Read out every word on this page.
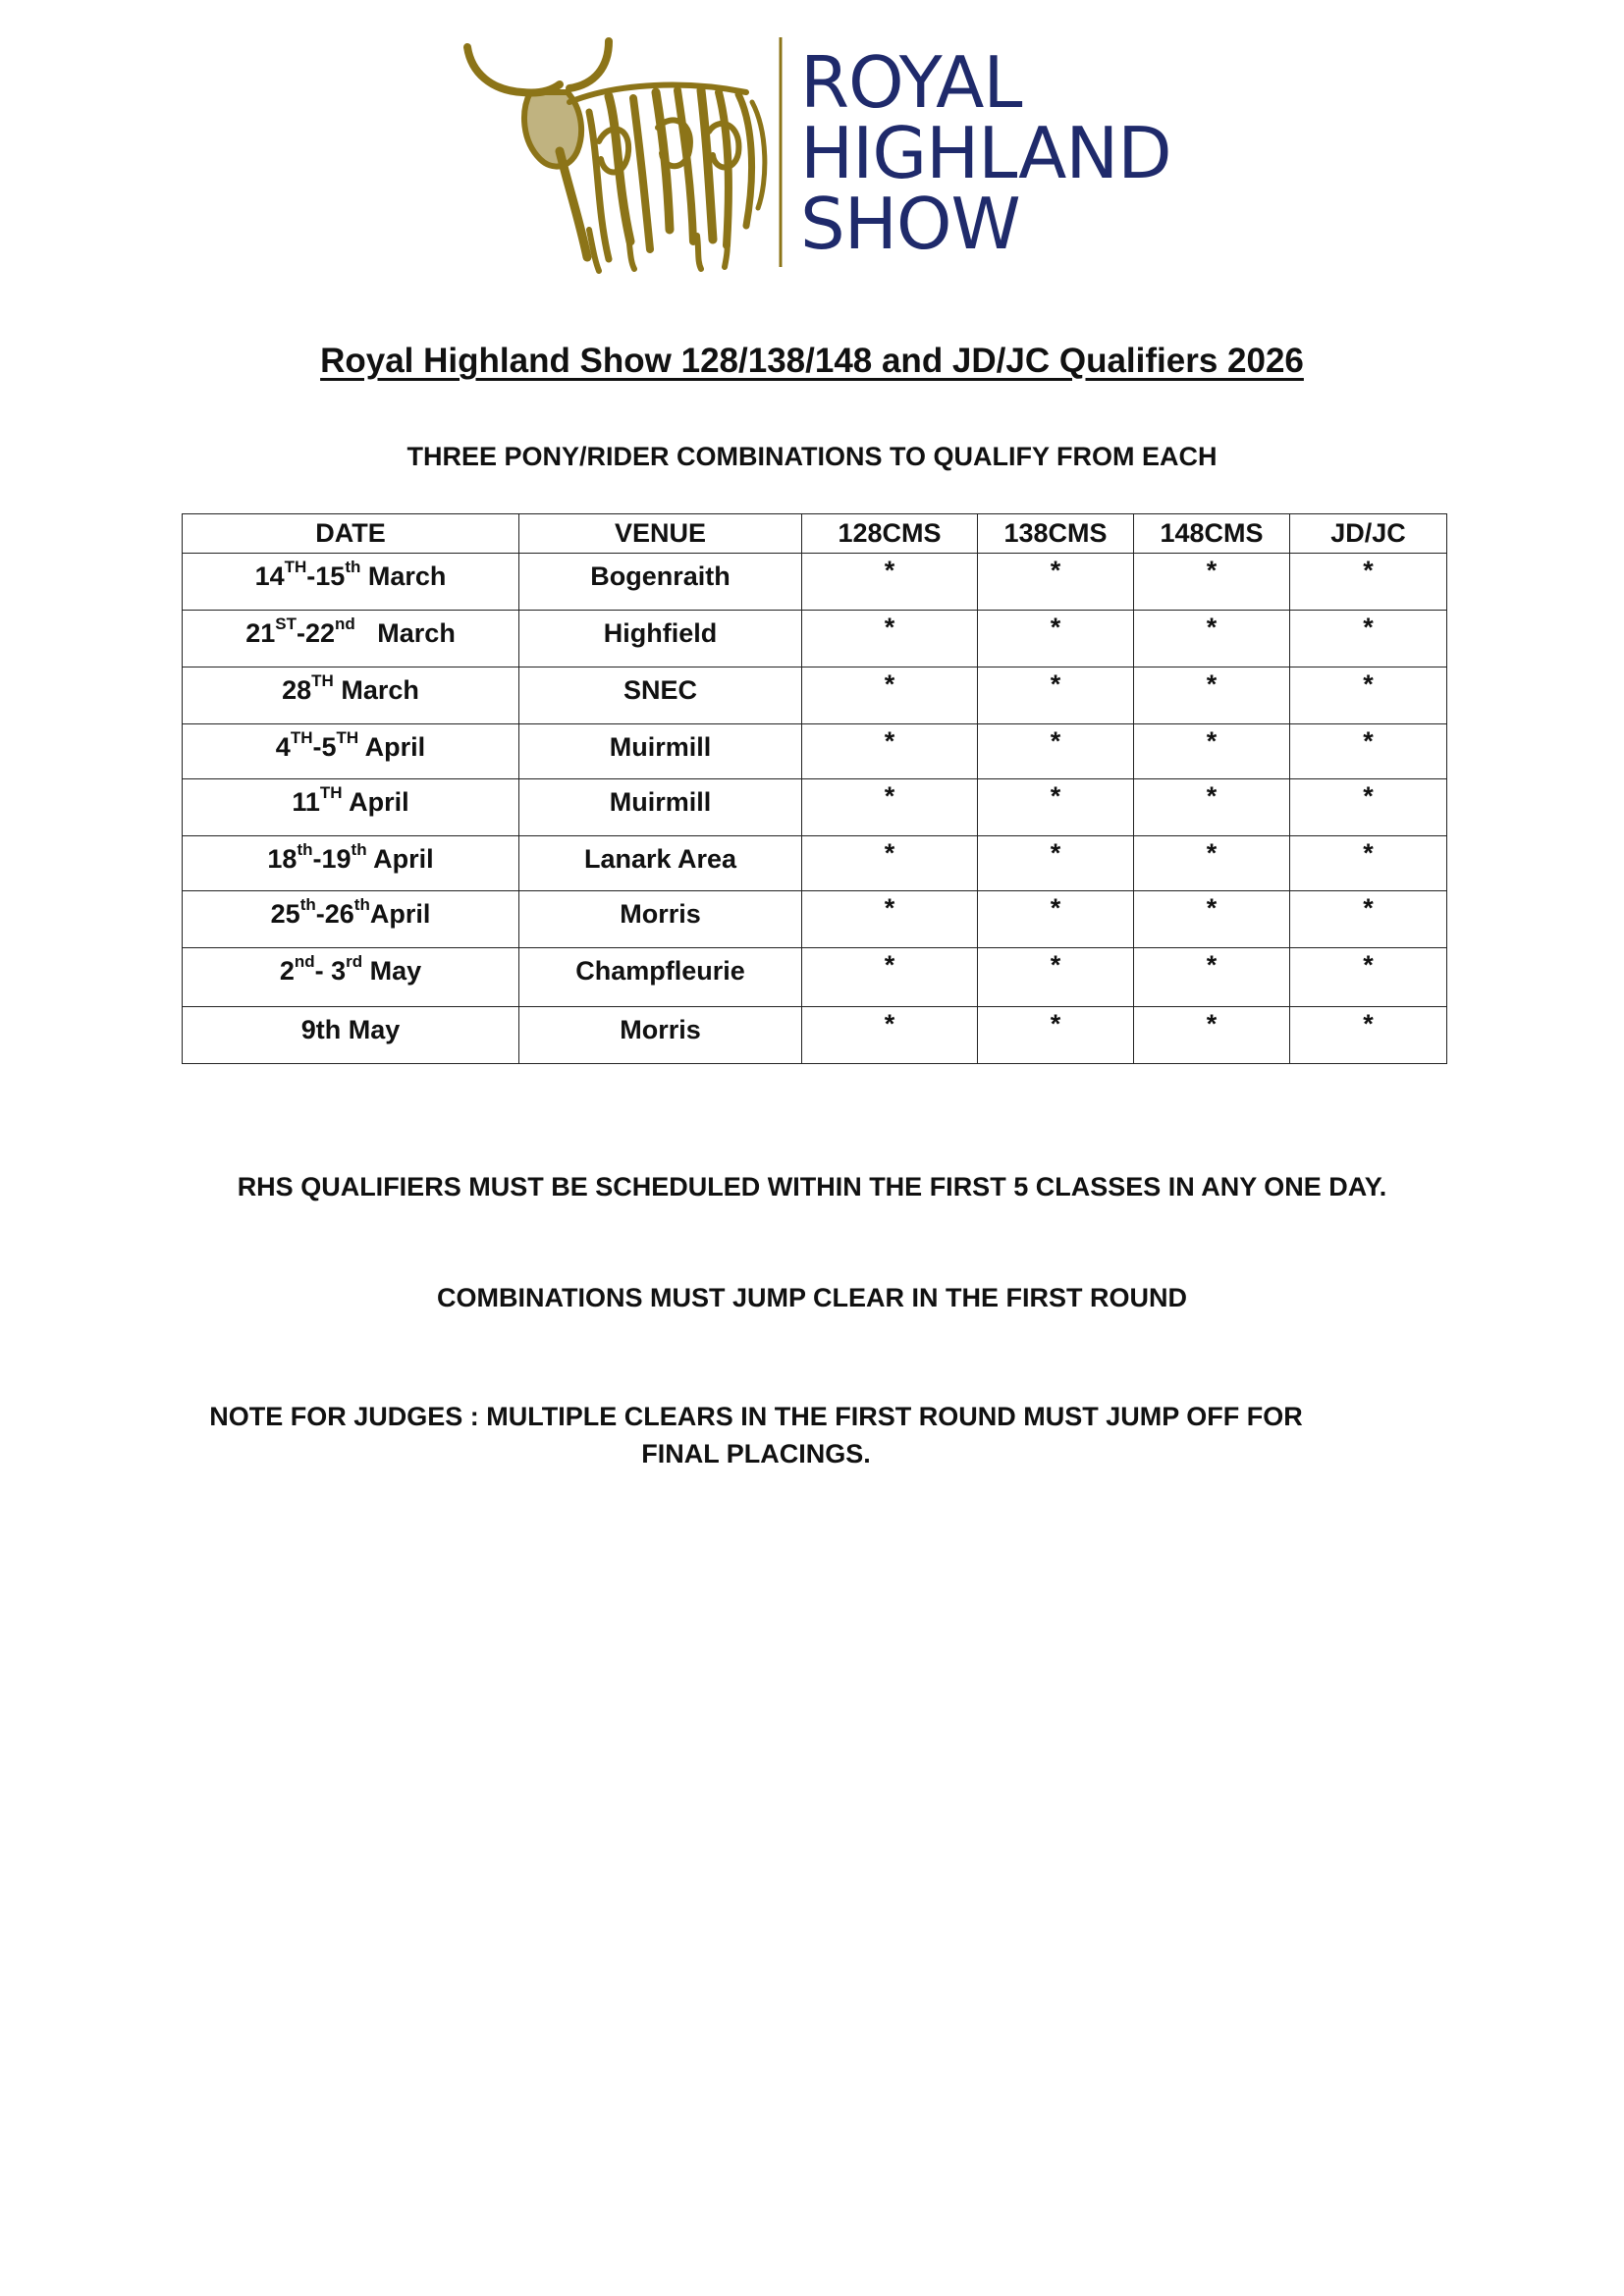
ROYAL
HIGHLAND
SHOW
Royal Highland Show 128/138/148 and JD/JC Qualifiers 2026
THREE PONY/RIDER COMBINATIONS TO QUALIFY FROM EACH
DATE	VENUE	128CMS	138CMS	148CMS	JD/JC

14TH-15th March	Bogenraith	*	*	*	*

21ST-22nd   March	Highfield	*	*	*	*

28TH March	SNEC	*	*	*	*

4TH-5TH April	Muirmill	*	*	*	*

11TH April	Muirmill	*	*	*	*

18th-19th April	Lanark Area	*	*	*	*

25th-26thApril	Morris	*	*	*	*

2nd- 3rd May	Champfleurie	*	*	*	*

9th May	Morris	*	*	*	*
RHS QUALIFIERS MUST BE SCHEDULED WITHIN THE FIRST 5 CLASSES IN ANY ONE DAY.
COMBINATIONS MUST JUMP CLEAR IN THE FIRST ROUND
NOTE FOR JUDGES : MULTIPLE CLEARS IN THE FIRST ROUND MUST JUMP OFF FOR FINAL PLACINGS.
